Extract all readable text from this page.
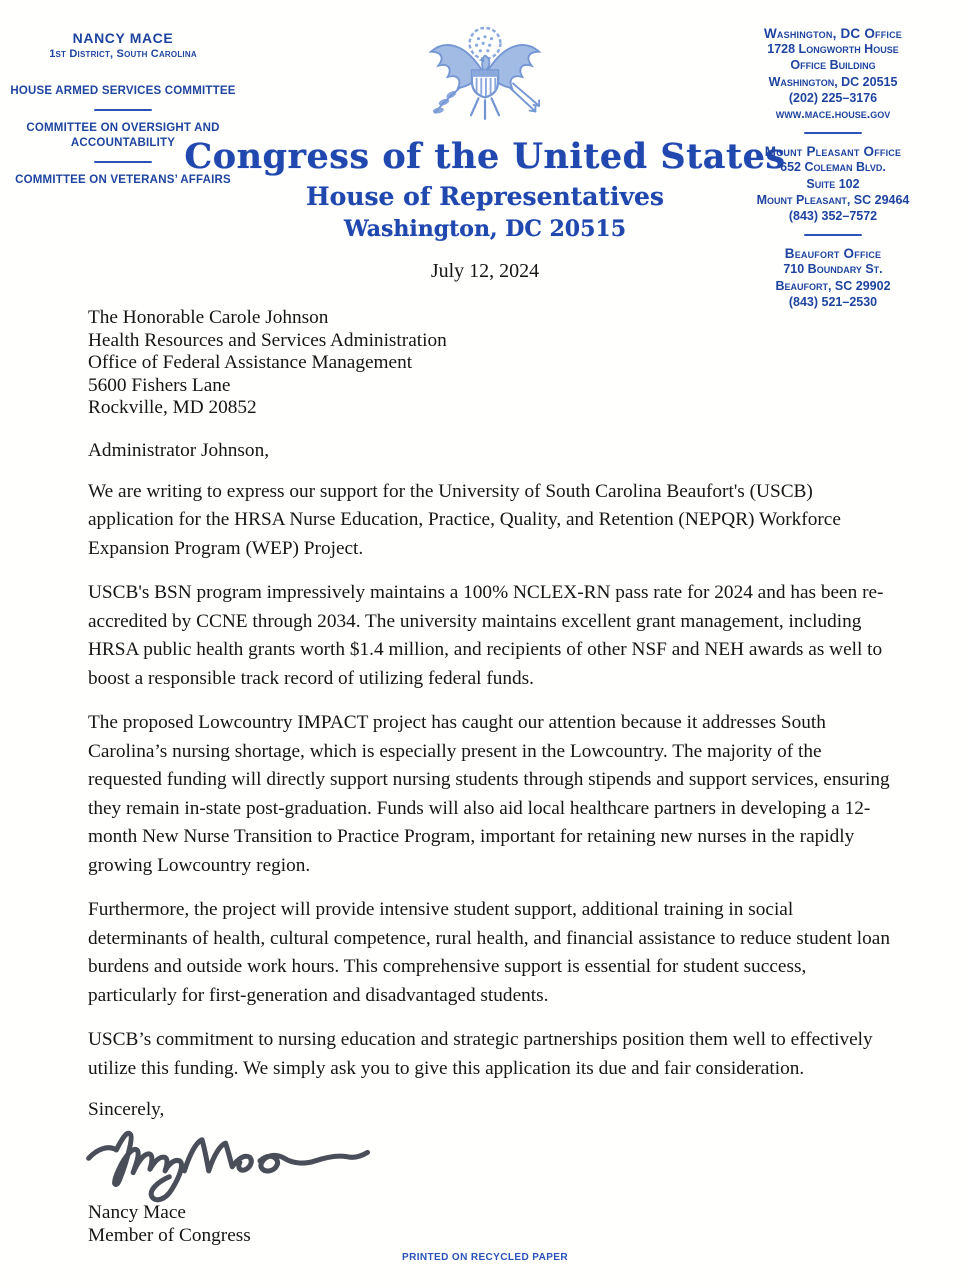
NANCY MACE
1st District, South Carolina
HOUSE ARMED SERVICES COMMITTEE
COMMITTEE ON OVERSIGHT AND ACCOUNTABILITY
COMMITTEE ON VETERANS’ AFFAIRS
Congress of the United States
House of Representatives
Washington, DC 20515
Washington, DC Office
1728 Longworth House
Office Building
Washington, DC 20515
(202) 225–3176
www.mace.house.gov
Mount Pleasant Office
652 Coleman Blvd.
Suite 102
Mount Pleasant, SC 29464
(843) 352–7572
Beaufort Office
710 Boundary St.
Beaufort, SC 29902
(843) 521–2530
July 12, 2024
The Honorable Carole Johnson
Health Resources and Services Administration
Office of Federal Assistance Management
5600 Fishers Lane
Rockville, MD 20852

Administrator Johnson,

We are writing to express our support for the University of South Carolina Beaufort's (USCB) application for the HRSA Nurse Education, Practice, Quality, and Retention (NEPQR) Workforce Expansion Program (WEP) Project.

USCB's BSN program impressively maintains a 100% NCLEX-RN pass rate for 2024 and has been re-accredited by CCNE through 2034. The university maintains excellent grant management, including HRSA public health grants worth $1.4 million, and recipients of other NSF and NEH awards as well to boost a responsible track record of utilizing federal funds.

The proposed Lowcountry IMPACT project has caught our attention because it addresses South Carolina’s nursing shortage, which is especially present in the Lowcountry. The majority of the requested funding will directly support nursing students through stipends and support services, ensuring they remain in-state post-graduation. Funds will also aid local healthcare partners in developing a 12-month New Nurse Transition to Practice Program, important for retaining new nurses in the rapidly growing Lowcountry region.

Furthermore, the project will provide intensive student support, additional training in social determinants of health, cultural competence, rural health, and financial assistance to reduce student loan burdens and outside work hours. This comprehensive support is essential for student success, particularly for first-generation and disadvantaged students.

USCB’s commitment to nursing education and strategic partnerships position them well to effectively utilize this funding. We simply ask you to give this application its due and fair consideration.

Sincerely,

Nancy Mace
Member of Congress
PRINTED ON RECYCLED PAPER
